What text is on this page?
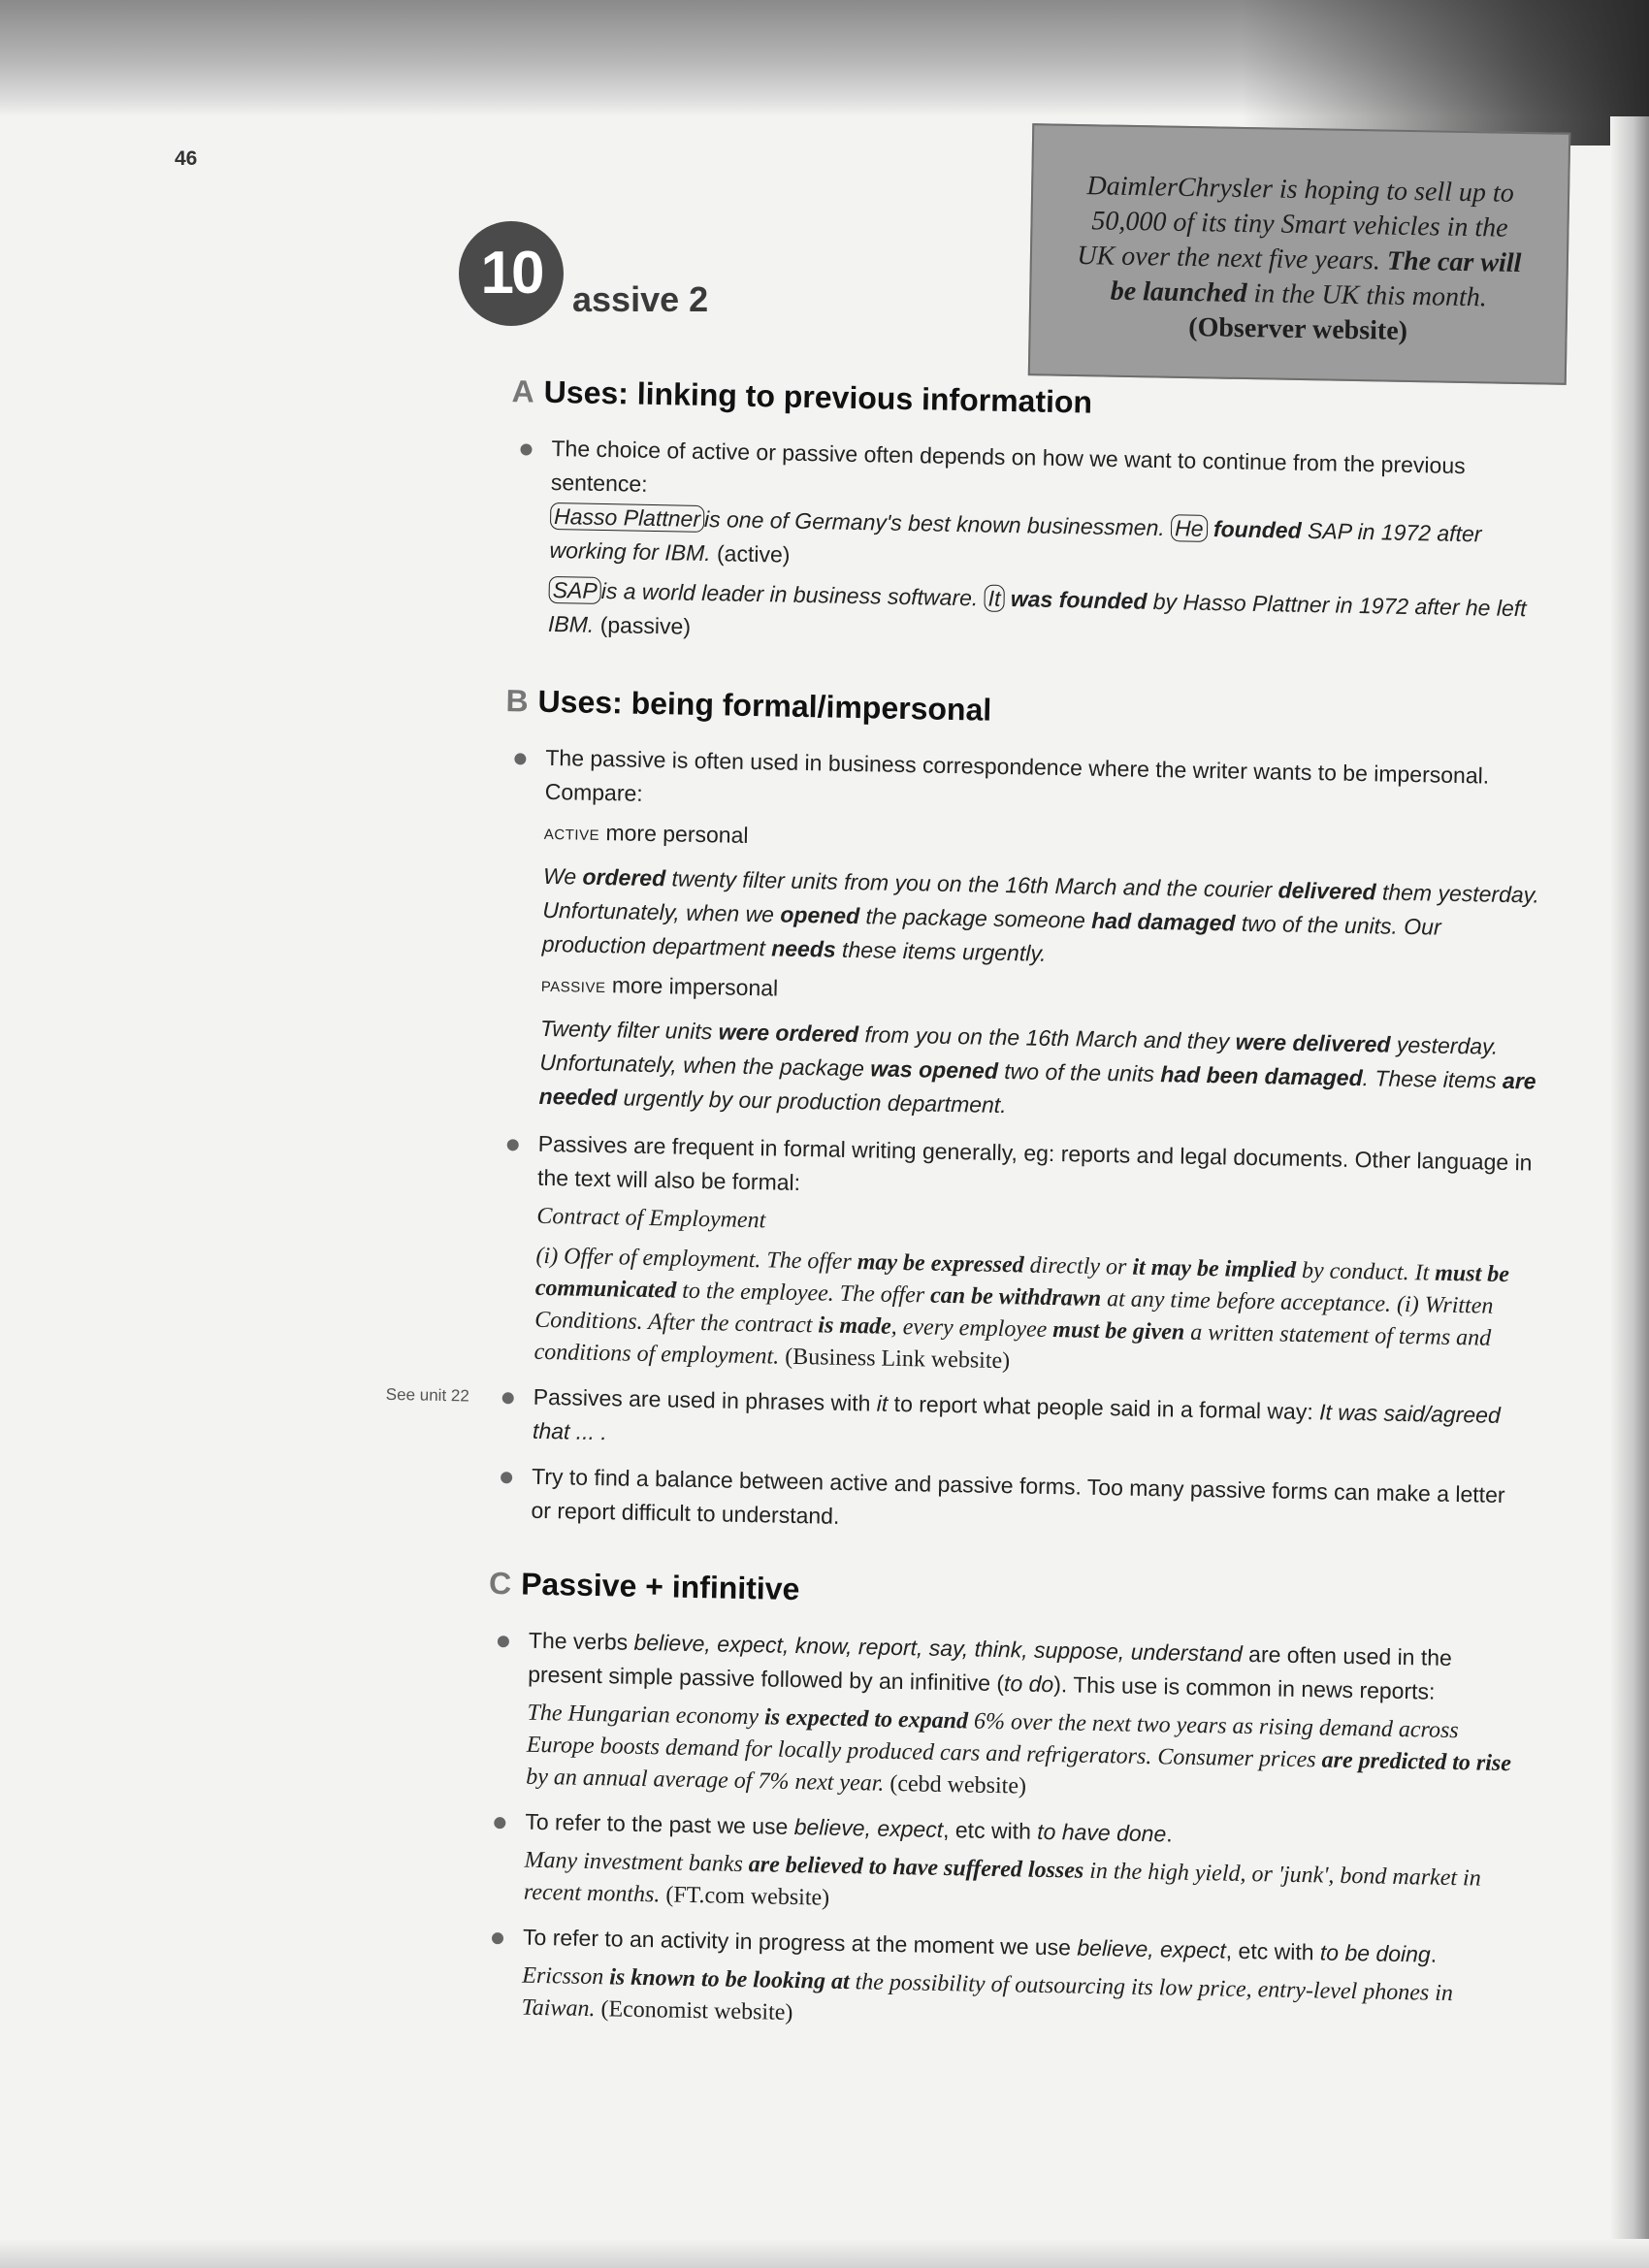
46
DaimlerChrysler is hoping to sell up to
50,000 of its tiny Smart vehicles in the
UK over the next five years. The car will
be launched in the UK this month.
(Observer website)
10 assive 2
A Uses: linking to previous information
The choice of active or passive often depends on how we want to continue from the previous sentence:
Hasso Plattner is one of Germany's best known businessmen. He founded SAP in 1972 after working for IBM. (active)
SAP is a world leader in business software. It was founded by Hasso Plattner in 1972 after he left IBM. (passive)
B Uses: being formal/impersonal
The passive is often used in business correspondence where the writer wants to be impersonal. Compare:
ACTIVE more personal
We ordered twenty filter units from you on the 16th March and the courier delivered them yesterday. Unfortunately, when we opened the package someone had damaged two of the units. Our production department needs these items urgently.
PASSIVE more impersonal
Twenty filter units were ordered from you on the 16th March and they were delivered yesterday. Unfortunately, when the package was opened two of the units had been damaged. These items are needed urgently by our production department.
Passives are frequent in formal writing generally, eg: reports and legal documents. Other language in the text will also be formal:
Contract of Employment
(i) Offer of employment. The offer may be expressed directly or it may be implied by conduct. It must be communicated to the employee. The offer can be withdrawn at any time before acceptance. (i) Written Conditions. After the contract is made, every employee must be given a written statement of terms and conditions of employment. (Business Link website)
See unit 22	Passives are used in phrases with it to report what people said in a formal way: It was said/agreed that ... .
Try to find a balance between active and passive forms. Too many passive forms can make a letter or report difficult to understand.
C Passive + infinitive
The verbs believe, expect, know, report, say, think, suppose, understand are often used in the present simple passive followed by an infinitive (to do). This use is common in news reports:
The Hungarian economy is expected to expand 6% over the next two years as rising demand across Europe boosts demand for locally produced cars and refrigerators. Consumer prices are predicted to rise by an annual average of 7% next year. (cebd website)
To refer to the past we use believe, expect, etc with to have done.
Many investment banks are believed to have suffered losses in the high yield, or 'junk', bond market in recent months. (FT.com website)
To refer to an activity in progress at the moment we use believe, expect, etc with to be doing.
Ericsson is known to be looking at the possibility of outsourcing its low price, entry-level phones in Taiwan. (Economist website)
